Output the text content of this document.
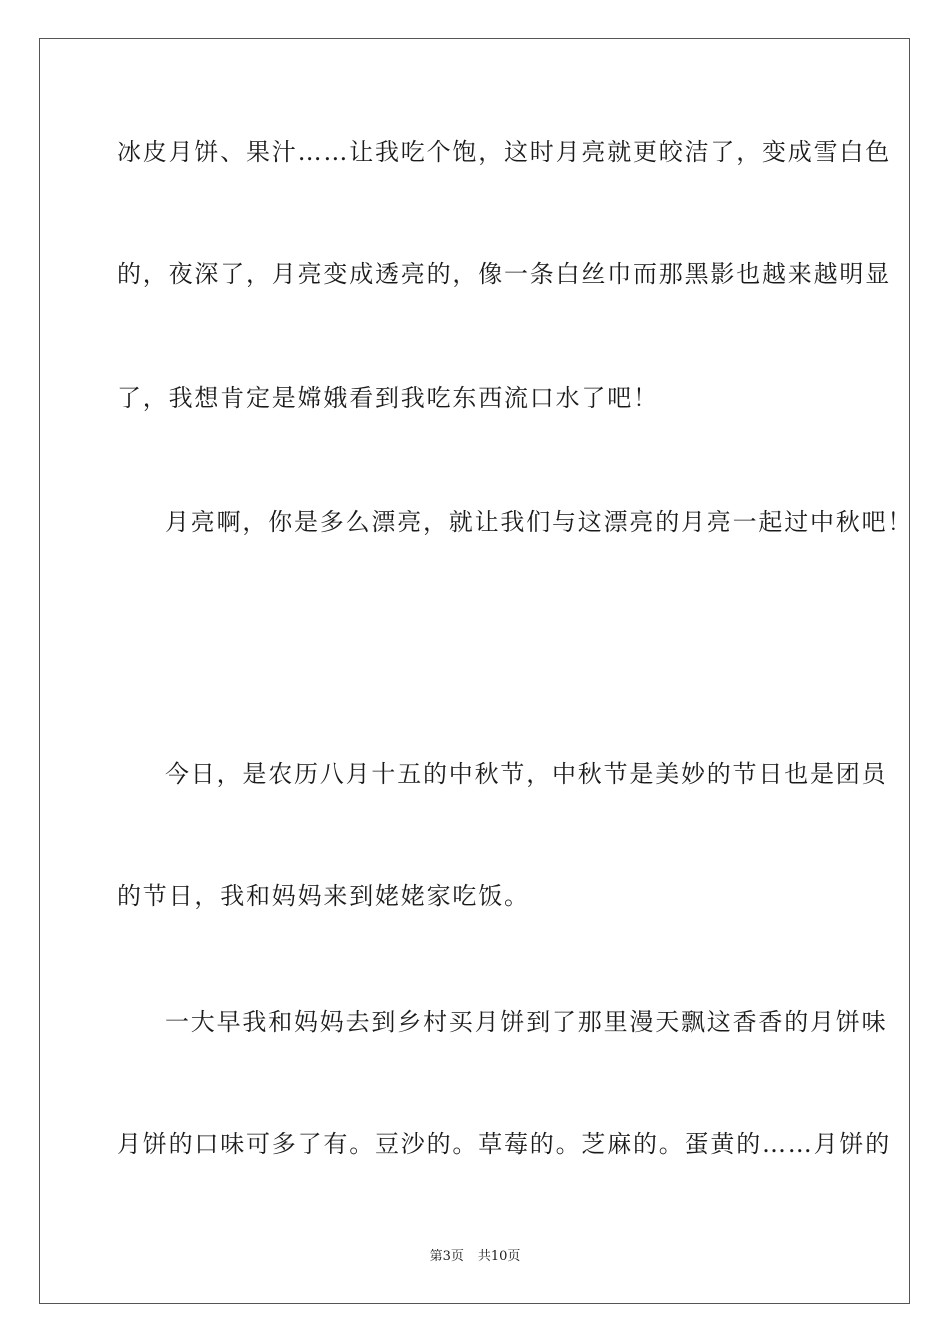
冰皮月饼、果汁……让我吃个饱，这时月亮就更皎洁了，变成雪白色
的，夜深了，月亮变成透亮的，像一条白丝巾而那黑影也越来越明显
了，我想肯定是嫦娥看到我吃东西流口水了吧！
月亮啊，你是多么漂亮，就让我们与这漂亮的月亮一起过中秋吧！
今日，是农历八月十五的中秋节，中秋节是美妙的节日也是团员
的节日，我和妈妈来到姥姥家吃饭。
一大早我和妈妈去到乡村买月饼到了那里漫天飘这香香的月饼味
月饼的口味可多了有。豆沙的。草莓的。芝麻的。蛋黄的……月饼的
第3页 共10页
